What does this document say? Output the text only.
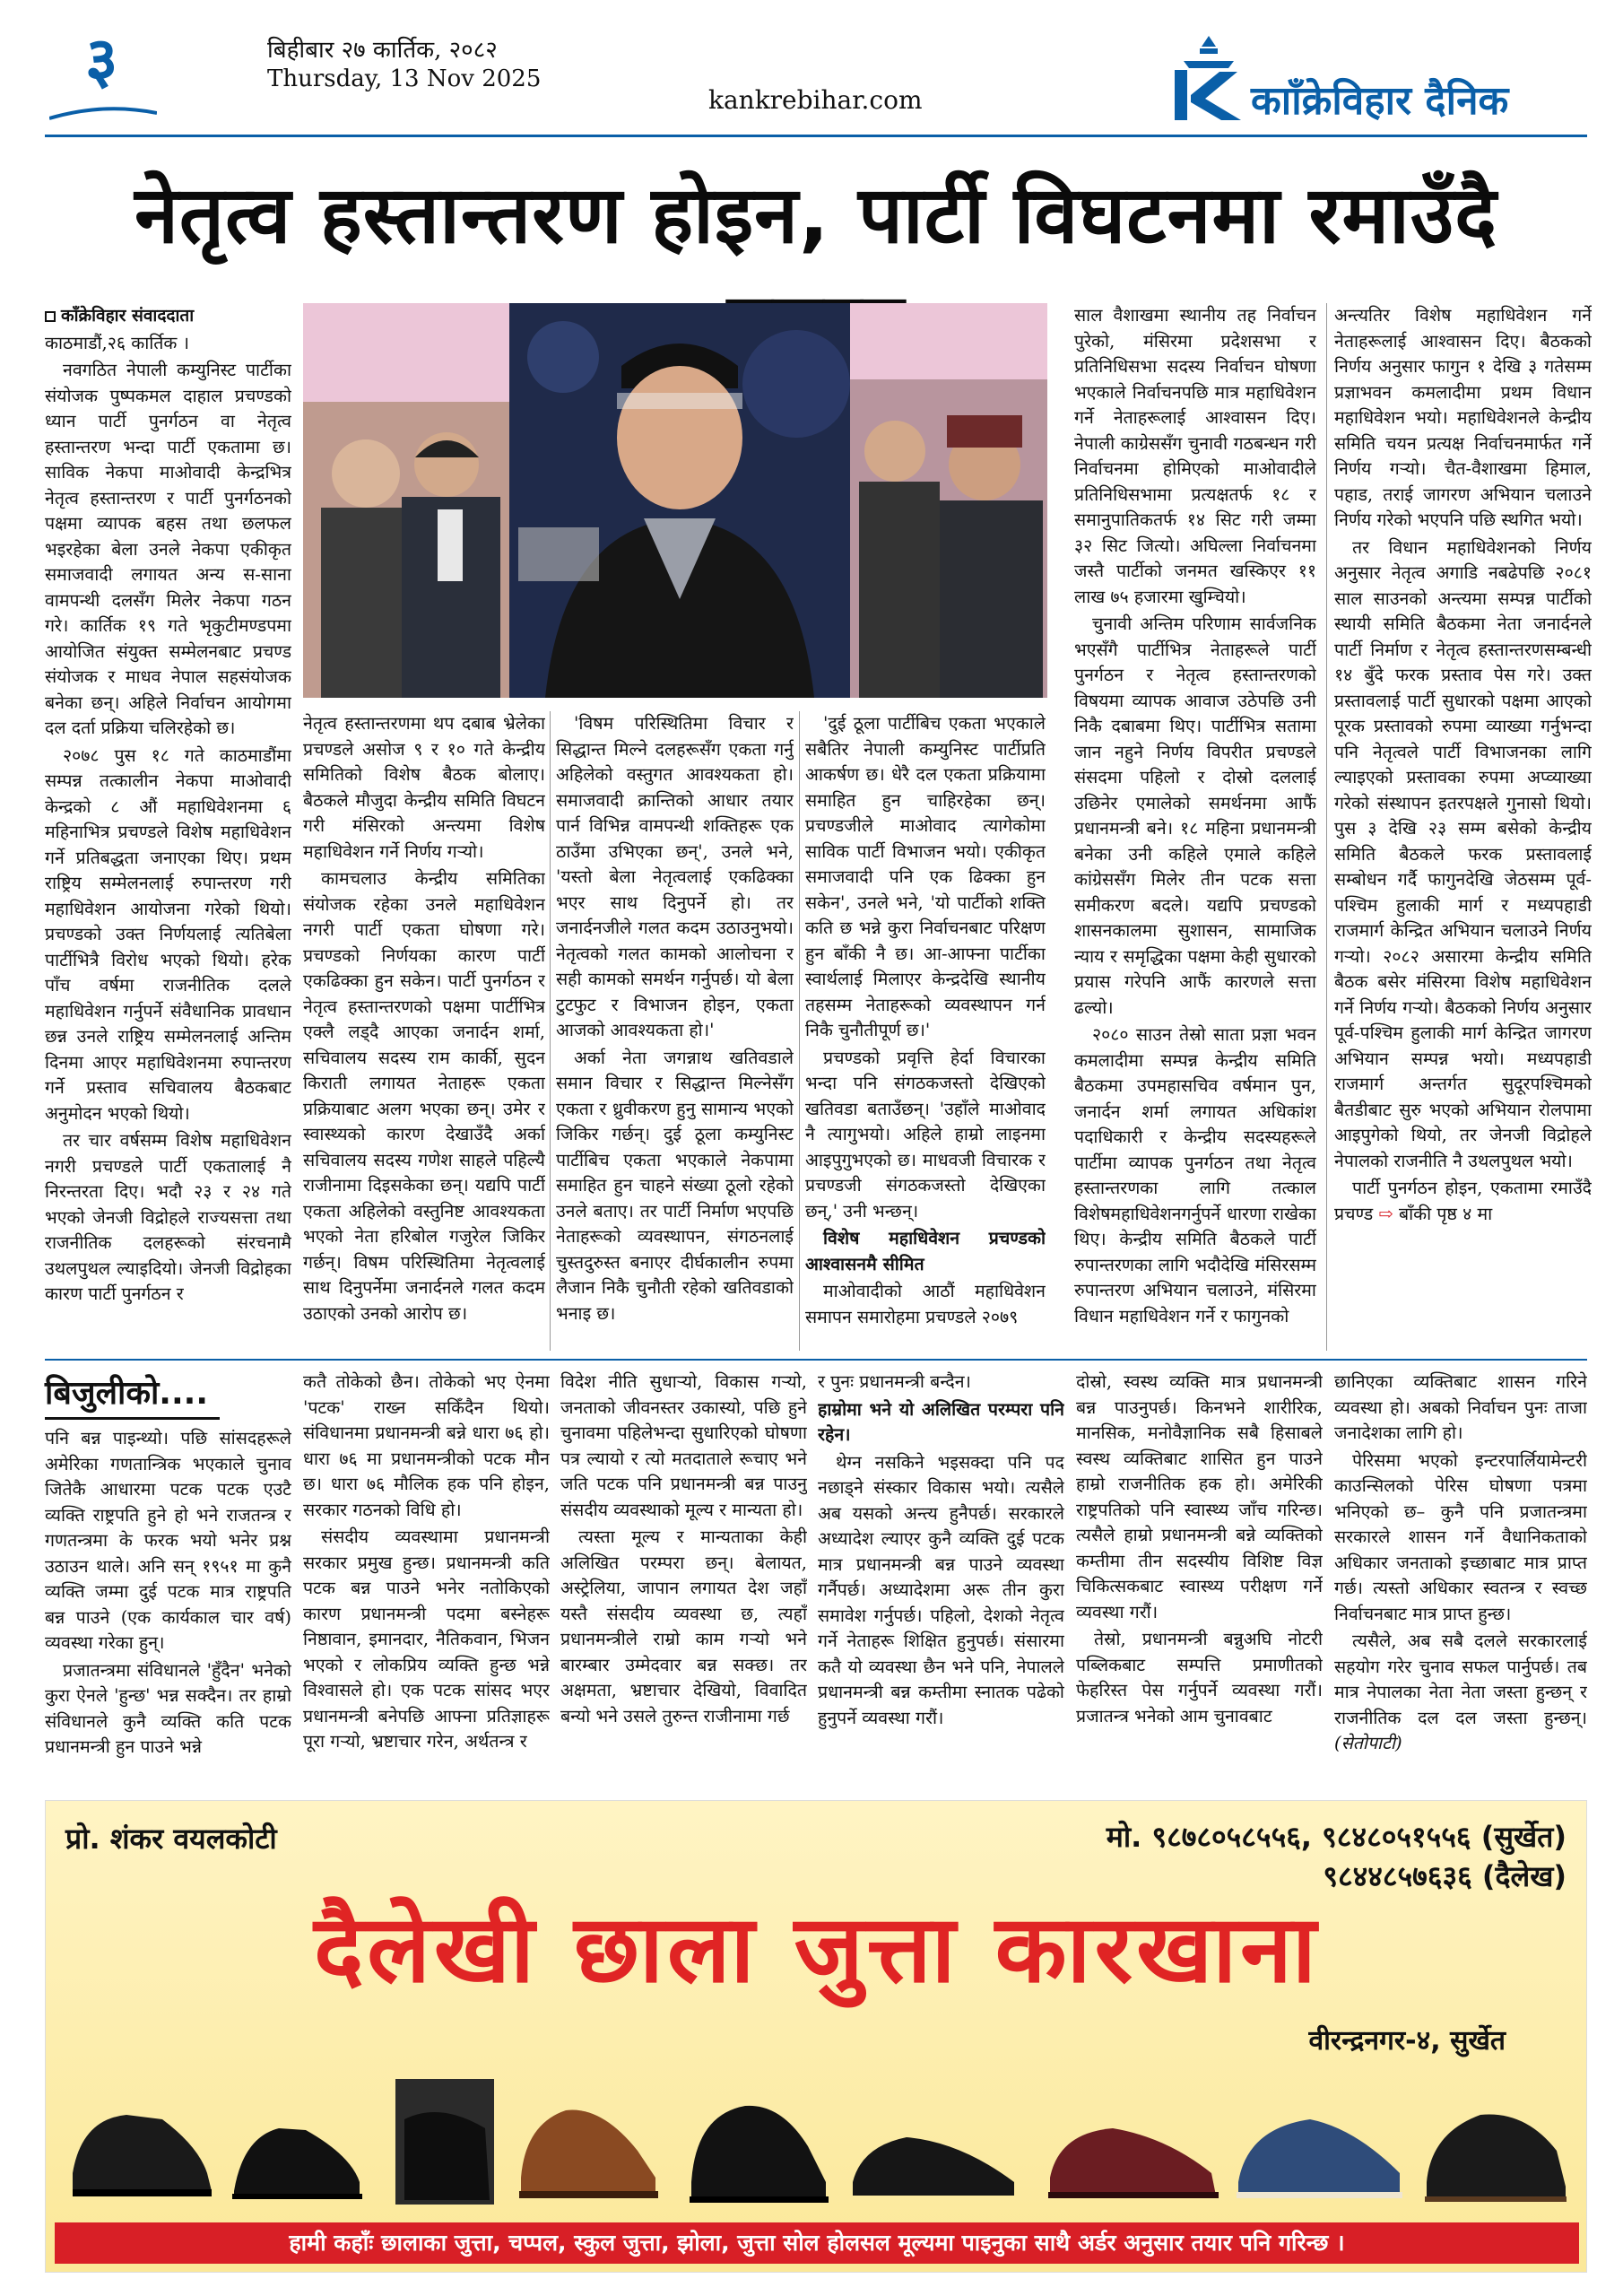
३	बिहीबार २७ कार्तिक, २०८२
Thursday, 13 Nov 2025
kankrebihar.com	कााँक्रेविहार दैनिक
नेतृत्व हस्तान्तरण होइन, पार्टी विघटनमा रमाउँदै

काँक्रेविहार संवाददाता

काठमाडौं,२६ कार्तिक ।

नवगठित नेपाली कम्युनिस्ट पार्टीका संयोजक पुष्पकमल दाहाल प्रचण्डको ध्यान पार्टी पुनर्गठन वा नेतृत्व हस्तान्तरण भन्दा पार्टी एकतामा छ। साविक नेकपा माओवादी केन्द्रभित्र नेतृत्व हस्तान्तरण र पार्टी पुनर्गठनको पक्षमा व्यापक बहस तथा छलफल भइरहेका बेला उनले नेकपा एकीकृत समाजवादी लगायत अन्य स-साना वामपन्थी दलसँग मिलेर नेकपा गठन गरे। कार्तिक १९ गते भृकुटीमण्डपमा आयोजित संयुक्त सम्मेलनबाट प्रचण्ड संयोजक र माधव नेपाल सहसंयोजक बनेका छन्। अहिले निर्वाचन आयोगमा दल दर्ता प्रक्रिया चलिरहेको छ।

२०७८ पुस १८ गते काठमाडौंमा सम्पन्न तत्कालीन नेकपा माओवादी केन्द्रको ८ औं महाधिवेशनमा ६ महिनाभित्र प्रचण्डले विशेष महाधिवेशन गर्ने प्रतिबद्धता जनाएका थिए। प्रथम राष्ट्रिय सम्मेलनलाई रुपान्तरण गरी महाधिवेशन आयोजना गरेको थियो। प्रचण्डको उक्त निर्णयलाई त्यतिबेला पार्टीभित्रै विरोध भएको थियो। हरेक पाँच वर्षमा राजनीतिक दलले महाधिवेशन गर्नुपर्ने संवैधानिक प्रावधान छन्न उनले राष्ट्रिय सम्मेलनलाई अन्तिम दिनमा आएर महाधिवेशनमा रुपान्तरण गर्ने प्रस्ताव सचिवालय बैठकबाट अनुमोदन भएको थियो।

तर चार वर्षसम्म विशेष महाधिवेशन नगरी प्रचण्डले पार्टी एकतालाई नै निरन्तरता दिए। भदौ २३ र २४ गते भएको जेनजी विद्रोहले राज्यसत्ता तथा राजनीतिक दलहरूको संरचनामै उथलपुथल ल्याइदियो। जेनजी विद्रोहका कारण पार्टी पुनर्गठन र

नेतृत्व हस्तान्तरणमा थप दबाब भ्रेलेका प्रचण्डले असोज ९ र १० गते केन्द्रीय समितिको विशेष बैठक बोलाए। बैठकले मौजुदा केन्द्रीय समिति विघटन गरी मंसिरको अन्त्यमा विशेष महाधिवेशन गर्ने निर्णय गऱ्यो।

कामचलाउ केन्द्रीय समितिका संयोजक रहेका उनले महाधिवेशन नगरी पार्टी एकता घोषणा गरे। प्रचण्डको निर्णयका कारण पार्टी एकढिक्का हुन सकेन। पार्टी पुनर्गठन र नेतृत्व हस्तान्तरणको पक्षमा पार्टीभित्र एक्लै लड्दै आएका जनार्दन शर्मा, सचिवालय सदस्य राम कार्की, सुदन किराती लगायत नेताहरू एकता प्रक्रियाबाट अलग भएका छन्। उमेर र स्वास्थ्यको कारण देखाउँदै अर्का सचिवालय सदस्य गणेश साहले पहिल्यै राजीनामा दिइसकेका छन्। यद्यपि पार्टी एकता अहिलेको वस्तुनिष्ट आवश्यकता भएको नेता हरिबोल गजुरेल जिकिर गर्छन्। विषम परिस्थितिमा नेतृत्वलाई साथ दिनुपर्नेमा जनार्दनले गलत कदम उठाएको उनको आरोप छ।

'विषम परिस्थितिमा विचार र सिद्धान्त मिल्ने दलहरूसँग एकता गर्नु अहिलेको वस्तुगत आवश्यकता हो। समाजवादी क्रान्तिको आधार तयार पार्न विभिन्न वामपन्थी शक्तिहरू एक ठाउँमा उभिएका छन्', उनले भने, 'यस्तो बेला नेतृत्वलाई एकढिक्का भएर साथ दिनुपर्ने हो। तर जनार्दनजीले गलत कदम उठाउनुभयो। नेतृत्वको गलत कामको आलोचना र सही कामको समर्थन गर्नुपर्छ। यो बेला टुटफुट र विभाजन होइन, एकता आजको आवश्यकता हो।'

अर्का नेता जगन्नाथ खतिवडाले समान विचार र सिद्धान्त मिल्नेसँग एकता र ध्रुवीकरण हुनु सामान्य भएको जिकिर गर्छन्। दुई ठूला कम्युनिस्ट पार्टीबिच एकता भएकाले नेकपामा समाहित हुन चाहने संख्या ठूलो रहेको उनले बताए। तर पार्टी निर्माण भएपछि नेताहरूको व्यवस्थापन, संगठनलाई चुस्तदुरुस्त बनाएर दीर्घकालीन रुपमा लैजान निकै चुनौती रहेको खतिवडाको भनाइ छ।

'दुई ठूला पार्टीबिच एकता भएकाले सबैतिर नेपाली कम्युनिस्ट पार्टीप्रति आकर्षण छ। धेरै दल एकता प्रक्रियामा समाहित हुन चाहिरहेका छन्। प्रचण्डजीले माओवाद त्यागेकोमा साविक पार्टी विभाजन भयो। एकीकृत समाजवादी पनि एक ढिक्का हुन सकेन', उनले भने, 'यो पार्टीको शक्ति कति छ भन्ने कुरा निर्वाचनबाट परिक्षण हुन बाँकी नै छ। आ-आफ्ना पार्टीका स्वार्थलाई मिलाएर केन्द्रदेखि स्थानीय तहसम्म नेताहरूको व्यवस्थापन गर्न निकै चुनौतीपूर्ण छ।'

प्रचण्डको प्रवृत्ति हेर्दा विचारका भन्दा पनि संगठकजस्तो देखिएको खतिवडा बताउँछन्। 'उहाँले माओवाद नै त्यागुभयो। अहिले हाम्रो लाइनमा आइपुगुभएको छ। माधवजी विचारक र प्रचण्डजी संगठकजस्तो देखिएका छन्,' उनी भन्छन्।

विशेष महाधिवेशन प्रचण्डको आश्वासनमै सीमित

माओवादीको आठौं महाधिवेशन समापन समारोहमा प्रचण्डले २०७९

साल वैशाखमा स्थानीय तह निर्वाचन पुरेको, मंसिरमा प्रदेशसभा र प्रतिनिधिसभा सदस्य निर्वाचन घोषणा भएकाले निर्वाचनपछि मात्र महाधिवेशन गर्ने नेताहरूलाई आश्वासन दिए। नेपाली काग्रेससँग चुनावी गठबन्धन गरी निर्वाचनमा होमिएको माओवादीले प्रतिनिधिसभामा प्रत्यक्षतर्फ १८ र समानुपातिकतर्फ १४ सिट गरी जम्मा ३२ सिट जित्यो। अघिल्ला निर्वाचनमा जस्तै पार्टीको जनमत खस्किएर ११ लाख ७५ हजारमा खुम्चियो।

चुनावी अन्तिम परिणाम सार्वजनिक भएसँगै पार्टीभित्र नेताहरूले पार्टी पुनर्गठन र नेतृत्व हस्तान्तरणको विषयमा व्यापक आवाज उठेपछि उनी निकै दबाबमा थिए। पार्टीभित्र सतामा जान नहुने निर्णय विपरीत प्रचण्डले संसदमा पहिलो र दोस्रो दललाई उछिनेर एमालेको समर्थनमा आफैं प्रधानमन्त्री बने। १८ महिना प्रधानमन्त्री बनेका उनी कहिले एमाले कहिले कांग्रेससँग मिलेर तीन पटक सत्ता समीकरण बदले। यद्यपि प्रचण्डको शासनकालमा सुशासन, सामाजिक न्याय र समृद्धिका पक्षमा केही सुधारको प्रयास गरेपनि आफैं कारणले सत्ता ढल्यो।

२०८० साउन तेस्रो साता प्रज्ञा भवन कमलादीमा सम्पन्न केन्द्रीय समिति बैठकमा उपमहासचिव वर्षमान पुन, जनार्दन शर्मा लगायत अधिकांश पदाधिकारी र केन्द्रीय सदस्यहरूले पार्टीमा व्यापक पुनर्गठन तथा नेतृत्व हस्तान्तरणका लागि तत्काल विशेषमहाधिवेशनगर्नुपर्ने धारणा राखेका थिए। केन्द्रीय समिति बैठकले पार्टी रुपान्तरणका लागि भदौदेखि मंसिरसम्म रुपान्तरण अभियान चलाउने, मंसिरमा विधान महाधिवेशन गर्ने र फागुनको

अन्त्यतिर विशेष महाधिवेशन गर्ने नेताहरूलाई आश्वासन दिए। बैठकको निर्णय अनुसार फागुन १ देखि ३ गतेसम्म प्रज्ञाभवन कमलादीमा प्रथम विधान महाधिवेशन भयो। महाधिवेशनले केन्द्रीय समिति चयन प्रत्यक्ष निर्वाचनमार्फत गर्ने निर्णय गऱ्यो। चैत-वैशाखमा हिमाल, पहाड, तराई जागरण अभियान चलाउने निर्णय गरेको भएपनि पछि स्थगित भयो।

तर विधान महाधिवेशनको निर्णय अनुसार नेतृत्व अगाडि नबढेपछि २०८१ साल साउनको अन्त्यमा सम्पन्न पार्टीको स्थायी समिति बैठकमा नेता जनार्दनले पार्टी निर्माण र नेतृत्व हस्तान्तरणसम्बन्धी १४ बुँदे फरक प्रस्ताव पेस गरे। उक्त प्रस्तावलाई पार्टी सुधारको पक्षमा आएको पूरक प्रस्तावको रुपमा व्याख्या गर्नुभन्दा पनि नेतृत्वले पार्टी विभाजनका लागि ल्याइएको प्रस्तावका रुपमा अप्व्याख्या गरेको संस्थापन इतरपक्षले गुनासो थियो। पुस ३ देखि २३ सम्म बसेको केन्द्रीय समिति बैठकले फरक प्रस्तावलाई सम्बोधन गर्दै फागुनदेखि जेठसम्म पूर्व-पश्चिम हुलाकी मार्ग र मध्यपहाडी राजमार्ग केन्द्रित अभियान चलाउने निर्णय गऱ्यो। २०८२ असारमा केन्द्रीय समिति बैठक बसेर मंसिरमा विशेष महाधिवेशन गर्ने निर्णय गऱ्यो। बैठकको निर्णय अनुसार पूर्व-पश्चिम हुलाकी मार्ग केन्द्रित जागरण अभियान सम्पन्न भयो। मध्यपहाडी राजमार्ग अन्तर्गत सुदूरपश्चिमको बैतडीबाट सुरु भएको अभियान रोलपामा आइपुगेको थियो, तर जेनजी विद्रोहले नेपालको राजनीति नै उथलपुथल भयो।

पार्टी पुनर्गठन होइन, एकतामा रमाउँदै प्रचण्ड ⇨ बाँकी पृष्ठ ४ मा

बिजुलीको....

पनि बन्न पाइन्थ्यो। पछि सांसदहरूले अमेरिका गणतान्त्रिक भएकाले चुनाव जितेकै आधारमा पटक पटक एउटै व्यक्ति राष्ट्रपति हुने हो भने राजतन्त्र र गणतन्त्रमा के फरक भयो भनेर प्रश्न उठाउन थाले। अनि सन् १९५१ मा कुनै व्यक्ति जम्मा दुई पटक मात्र राष्ट्रपति बन्न पाउने (एक कार्यकाल चार वर्ष) व्यवस्था गरेका हुन्।

प्रजातन्त्रमा संविधानले 'हुँदैन' भनेको कुरा ऐनले 'हुन्छ' भन्न सक्दैन। तर हाम्रो संविधानले कुनै व्यक्ति कति पटक प्रधानमन्त्री हुन पाउने भन्ने

कतै तोकेको छैन। तोकेको भए ऐनमा 'पटक' राख्न सकिँदैन थियो। संविधानमा प्रधानमन्त्री बन्ने धारा ७६ हो। धारा ७६ मा प्रधानमन्त्रीको पटक मौन छ। धारा ७६ मौलिक हक पनि होइन, सरकार गठनको विधि हो।

संसदीय व्यवस्थामा प्रधानमन्त्री सरकार प्रमुख हुन्छ। प्रधानमन्त्री कति पटक बन्न पाउने भनेर नतोकिएको कारण प्रधानमन्त्री पदमा बस्नेहरू निष्ठावान, इमानदार, नैतिकवान, भिजन भएको र लोकप्रिय व्यक्ति हुन्छ भन्ने विश्वासले हो। एक पटक सांसद भएर प्रधानमन्त्री बनेपछि आफ्ना प्रतिज्ञाहरू पूरा गऱ्यो, भ्रष्टाचार गरेन, अर्थतन्त्र र

विदेश नीति सुधाऱ्यो, विकास गऱ्यो, जनताको जीवनस्तर उकास्यो, पछि हुने चुनावमा पहिलेभन्दा सुधारिएको घोषणा पत्र ल्यायो र त्यो मतदाताले रूचाए भने जति पटक पनि प्रधानमन्त्री बन्न पाउनु संसदीय व्यवस्थाको मूल्य र मान्यता हो।

त्यस्ता मूल्य र मान्यताका केही अलिखित परम्परा छन्। बेलायत, अस्ट्रेलिया, जापान लगायत देश जहाँ यस्तै संसदीय व्यवस्था छ, त्यहाँ प्रधानमन्त्रीले राम्रो काम गऱ्यो भने बारम्बार उम्मेदवार बन्न सक्छ। तर अक्षमता, भ्रष्टाचार देखियो, विवादित बन्यो भने उसले तुरुन्त राजीनामा गर्छ

र पुनः प्रधानमन्त्री बन्दैन।

हाम्रोमा भने यो अलिखित परम्परा पनि रहेन।

थेग्न नसकिने भइसक्दा पनि पद नछाड्ने संस्कार विकास भयो। त्यसैले अब यसको अन्त्य हुनैपर्छ। सरकारले अध्यादेश ल्याएर कुनै व्यक्ति दुई पटक मात्र प्रधानमन्त्री बन्न पाउने व्यवस्था गर्नैपर्छ। अध्यादेशमा अरू तीन कुरा समावेश गर्नुपर्छ। पहिलो, देशको नेतृत्व गर्ने नेताहरू शिक्षित हुनुपर्छ। संसारमा कतै यो व्यवस्था छैन भने पनि, नेपालले प्रधानमन्त्री बन्न कम्तीमा स्नातक पढेको हुनुपर्ने व्यवस्था गरौं।

दोस्रो, स्वस्थ व्यक्ति मात्र प्रधानमन्त्री बन्न पाउनुपर्छ। किनभने शारीरिक, मानसिक, मनोवैज्ञानिक सबै हिसाबले स्वस्थ व्यक्तिबाट शासित हुन पाउने हाम्रो राजनीतिक हक हो। अमेरिकी राष्ट्रपतिको पनि स्वास्थ्य जाँच गरिन्छ। त्यसैले हाम्रो प्रधानमन्त्री बन्ने व्यक्तिको कम्तीमा तीन सदस्यीय विशिष्ट विज्ञ चिकित्सकबाट स्वास्थ्य परीक्षण गर्ने व्यवस्था गरौं।

तेस्रो, प्रधानमन्त्री बन्नुअघि नोटरी पब्लिकबाट सम्पत्ति प्रमाणीतको फेहरिस्त पेस गर्नुपर्ने व्यवस्था गरौं। प्रजातन्त्र भनेको आम चुनावबाट

छानिएका व्यक्तिबाट शासन गरिने व्यवस्था हो। अबको निर्वाचन पुनः ताजा जनादेशका लागि हो।

पेरिसमा भएको इन्टरपार्लियामेन्टरी काउन्सिलको पेरिस घोषणा पत्रमा भनिएको छ– कुनै पनि प्रजातन्त्रमा सरकारले शासन गर्ने वैधानिकताको अधिकार जनताको इच्छाबाट मात्र प्राप्त गर्छ। त्यस्तो अधिकार स्वतन्त्र र स्वच्छ निर्वाचनबाट मात्र प्राप्त हुन्छ।

त्यसैले, अब सबै दलले सरकारलाई सहयोग गरेर चुनाव सफल पार्नुपर्छ। तब मात्र नेपालका नेता नेता जस्ता हुन्छन् र राजनीतिक दल दल जस्ता हुन्छन्। (सेतोपाटी)

प्रो. शंकर वयलकोटी	मो. ९८७८०५८५५६, ९८४८०५१५५६ (सुर्खेत)
९८४४८५७६३६ (दैलेख)
दैलेखी छाला जुत्ता कारखाना
वीरन्द्रनगर-४, सुर्खेत
हामी कहाँः छालाका जुत्ता, चप्पल, स्कुल जुत्ता, झोला, जुत्ता सोल होलसल मूल्यमा पाइनुका साथै अर्डर अनुसार तयार पनि गरिन्छ ।
